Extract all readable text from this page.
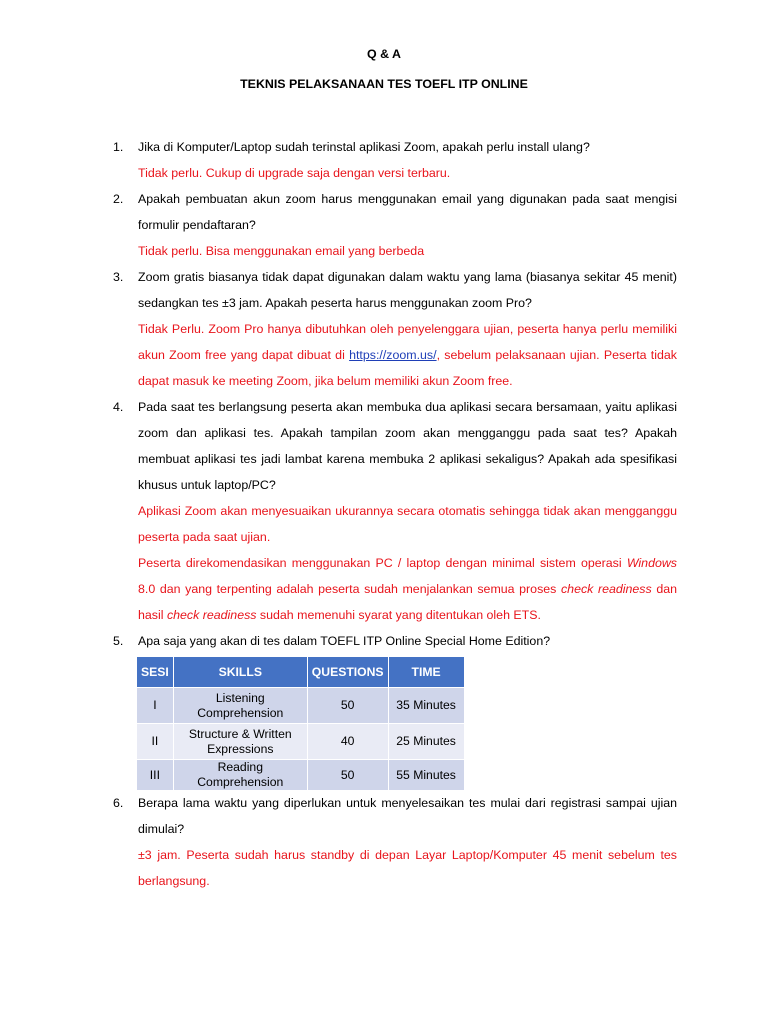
Q & A
TEKNIS PELAKSANAAN TES TOEFL ITP ONLINE
1. Jika di Komputer/Laptop sudah terinstal aplikasi Zoom, apakah perlu install ulang?

Tidak perlu. Cukup di upgrade saja dengan versi terbaru.

2. Apakah pembuatan akun zoom harus menggunakan email yang digunakan pada saat mengisi formulir pendaftaran?

Tidak perlu. Bisa menggunakan email yang berbeda

3. Zoom gratis biasanya tidak dapat digunakan dalam waktu yang lama (biasanya sekitar 45 menit) sedangkan tes ±3 jam. Apakah peserta harus menggunakan zoom Pro?

Tidak Perlu. Zoom Pro hanya dibutuhkan oleh penyelenggara ujian, peserta hanya perlu memiliki akun Zoom free yang dapat dibuat di https://zoom.us/, sebelum pelaksanaan ujian. Peserta tidak dapat masuk ke meeting Zoom, jika belum memiliki akun Zoom free.

4. Pada saat tes berlangsung peserta akan membuka dua aplikasi secara bersamaan, yaitu aplikasi zoom dan aplikasi tes. Apakah tampilan zoom akan mengganggu pada saat tes? Apakah membuat aplikasi tes jadi lambat karena membuka 2 aplikasi sekaligus? Apakah ada spesifikasi khusus untuk laptop/PC?

Aplikasi Zoom akan menyesuaikan ukurannya secara otomatis sehingga tidak akan mengganggu peserta pada saat ujian.

Peserta direkomendasikan menggunakan PC / laptop dengan minimal sistem operasi Windows 8.0 dan yang terpenting adalah peserta sudah menjalankan semua proses check readiness dan hasil check readiness sudah memenuhi syarat yang ditentukan oleh ETS.

5. Apa saja yang akan di tes dalam TOEFL ITP Online Special Home Edition?

SESI	SKILLS	QUESTIONS	TIME
I	Listening Comprehension	50	35 Minutes
II	Structure & Written Expressions	40	25 Minutes
III	Reading Comprehension	50	55 Minutes
6. Berapa lama waktu yang diperlukan untuk menyelesaikan tes mulai dari registrasi sampai ujian dimulai?

±3 jam. Peserta sudah harus standby di depan Layar Laptop/Komputer 45 menit sebelum tes berlangsung.
